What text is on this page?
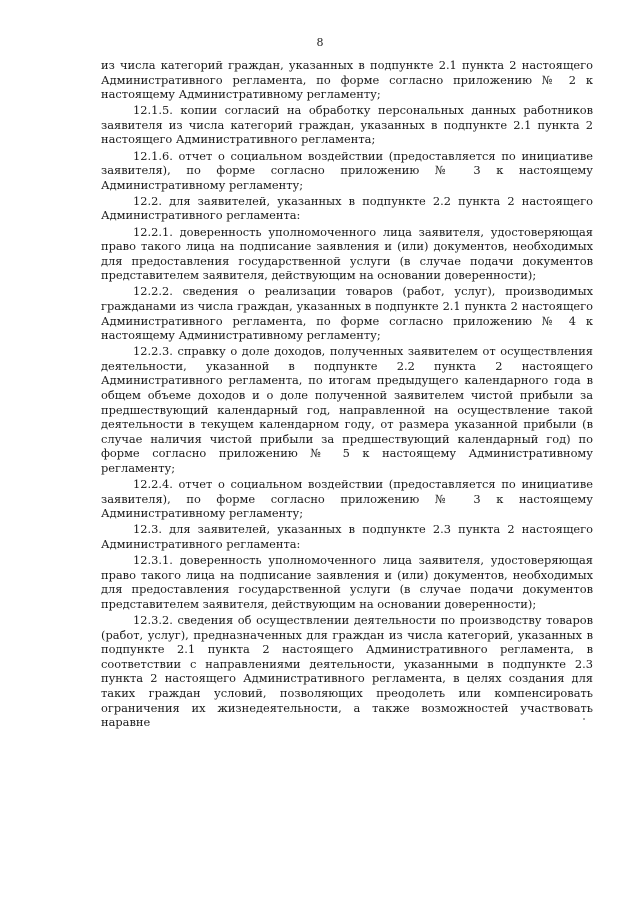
8

из числа категорий граждан, указанных в подпункте 2.1 пункта 2 настоящего Административного регламента, по форме согласно приложению № 2 к настоящему Административному регламенту;

12.1.5. копии согласий на обработку персональных данных работников заявителя из числа категорий граждан, указанных в подпункте 2.1 пункта 2 настоящего Административного регламента;

12.1.6. отчет о социальном воздействии (предоставляется по инициативе заявителя), по форме согласно приложению № 3 к настоящему Административному регламенту;

12.2. для заявителей, указанных в подпункте 2.2 пункта 2 настоящего Административного регламента:

12.2.1. доверенность уполномоченного лица заявителя, удостоверяющая право такого лица на подписание заявления и (или) документов, необходимых для предоставления государственной услуги (в случае подачи документов представителем заявителя, действующим на основании доверенности);

12.2.2. сведения о реализации товаров (работ, услуг), производимых гражданами из числа граждан, указанных в подпункте 2.1 пункта 2 настоящего Административного регламента, по форме согласно приложению № 4 к настоящему Административному регламенту;

12.2.3. справку о доле доходов, полученных заявителем от осуществления деятельности, указанной в подпункте 2.2 пункта 2 настоящего Административного регламента, по итогам предыдущего календарного года в общем объеме доходов и о доле полученной заявителем чистой прибыли за предшествующий календарный год, направленной на осуществление такой деятельности в текущем календарном году, от размера указанной прибыли (в случае наличия чистой прибыли за предшествующий календарный год) по форме согласно приложению № 5 к настоящему Административному регламенту;

12.2.4. отчет о социальном воздействии (предоставляется по инициативе заявителя), по форме согласно приложению № 3 к настоящему Административному регламенту;

12.3. для заявителей, указанных в подпункте 2.3 пункта 2 настоящего Административного регламента:

12.3.1. доверенность уполномоченного лица заявителя, удостоверяющая право такого лица на подписание заявления и (или) документов, необходимых для предоставления государственной услуги (в случае подачи документов представителем заявителя, действующим на основании доверенности);

12.3.2. сведения об осуществлении деятельности по производству товаров (работ, услуг), предназначенных для граждан из числа категорий, указанных в подпункте 2.1 пункта 2 настоящего Административного регламента, в соответствии с направлениями деятельности, указанными в подпункте 2.3 пункта 2 настоящего Административного регламента, в целях создания для таких граждан условий, позволяющих преодолеть или компенсировать ограничения их жизнедеятельности, а также возможностей участвовать наравне
